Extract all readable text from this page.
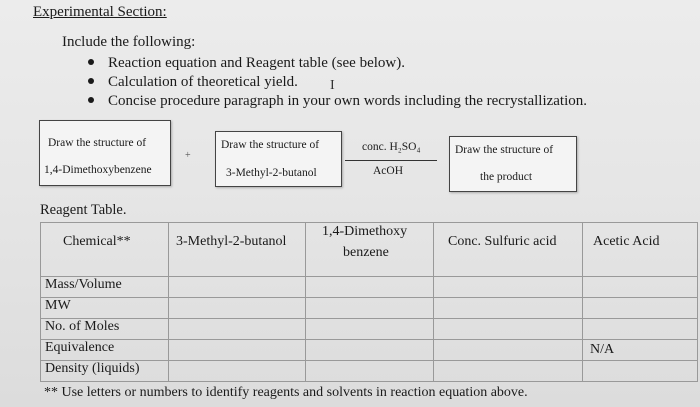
Experimental Section:
Include the following:
Reaction equation and Reagent table (see below).
Calculation of theoretical yield.
Concise procedure paragraph in your own words including the recrystallization.
I
Draw the structure of
1,4-Dimethoxybenzene
+
Draw the structure of
3-Methyl-2-butanol
conc. H₂SO₄
AcOH
Draw the structure of
the product
Reagent Table.
Chemical**	3-Methyl-2-butanol
1,4-Dimethoxy
benzene
Conc. Sulfuric acid	Acetic Acid
Mass/Volume
MW
No. of Moles
Equivalence
Density (liquids)
N/A
** Use letters or numbers to identify reagents and solvents in reaction equation above.
